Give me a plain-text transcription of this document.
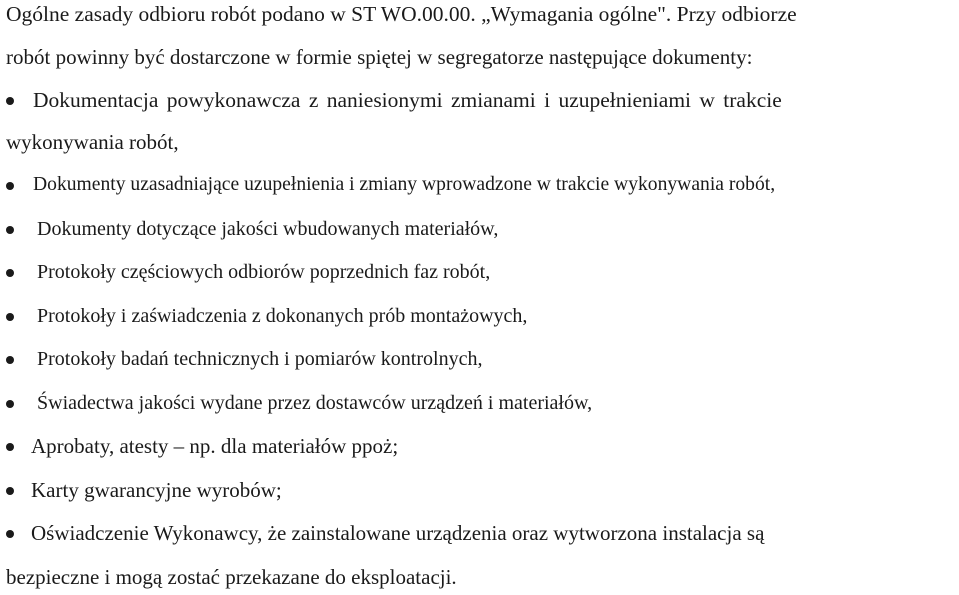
Ogólne zasady odbioru robót podano w ST WO.00.00. „Wymagania ogólne". Przy odbiorze
robót powinny być dostarczone w formie spiętej w segregatorze następujące dokumenty:
Dokumentacja powykonawcza z naniesionymi zmianami i uzupełnieniami w trakcie
wykonywania robót,
Dokumenty uzasadniające uzupełnienia i zmiany wprowadzone w trakcie wykonywania robót,
Dokumenty dotyczące jakości wbudowanych materiałów,
Protokoły częściowych odbiorów poprzednich faz robót,
Protokoły i zaświadczenia z dokonanych prób montażowych,
Protokoły badań technicznych i pomiarów kontrolnych,
Świadectwa jakości wydane przez dostawców urządzeń i materiałów,
Aprobaty, atesty – np. dla materiałów ppoż;
Karty gwarancyjne wyrobów;
Oświadczenie Wykonawcy, że zainstalowane urządzenia oraz wytworzona instalacja są
bezpieczne i mogą zostać przekazane do eksploatacji.
